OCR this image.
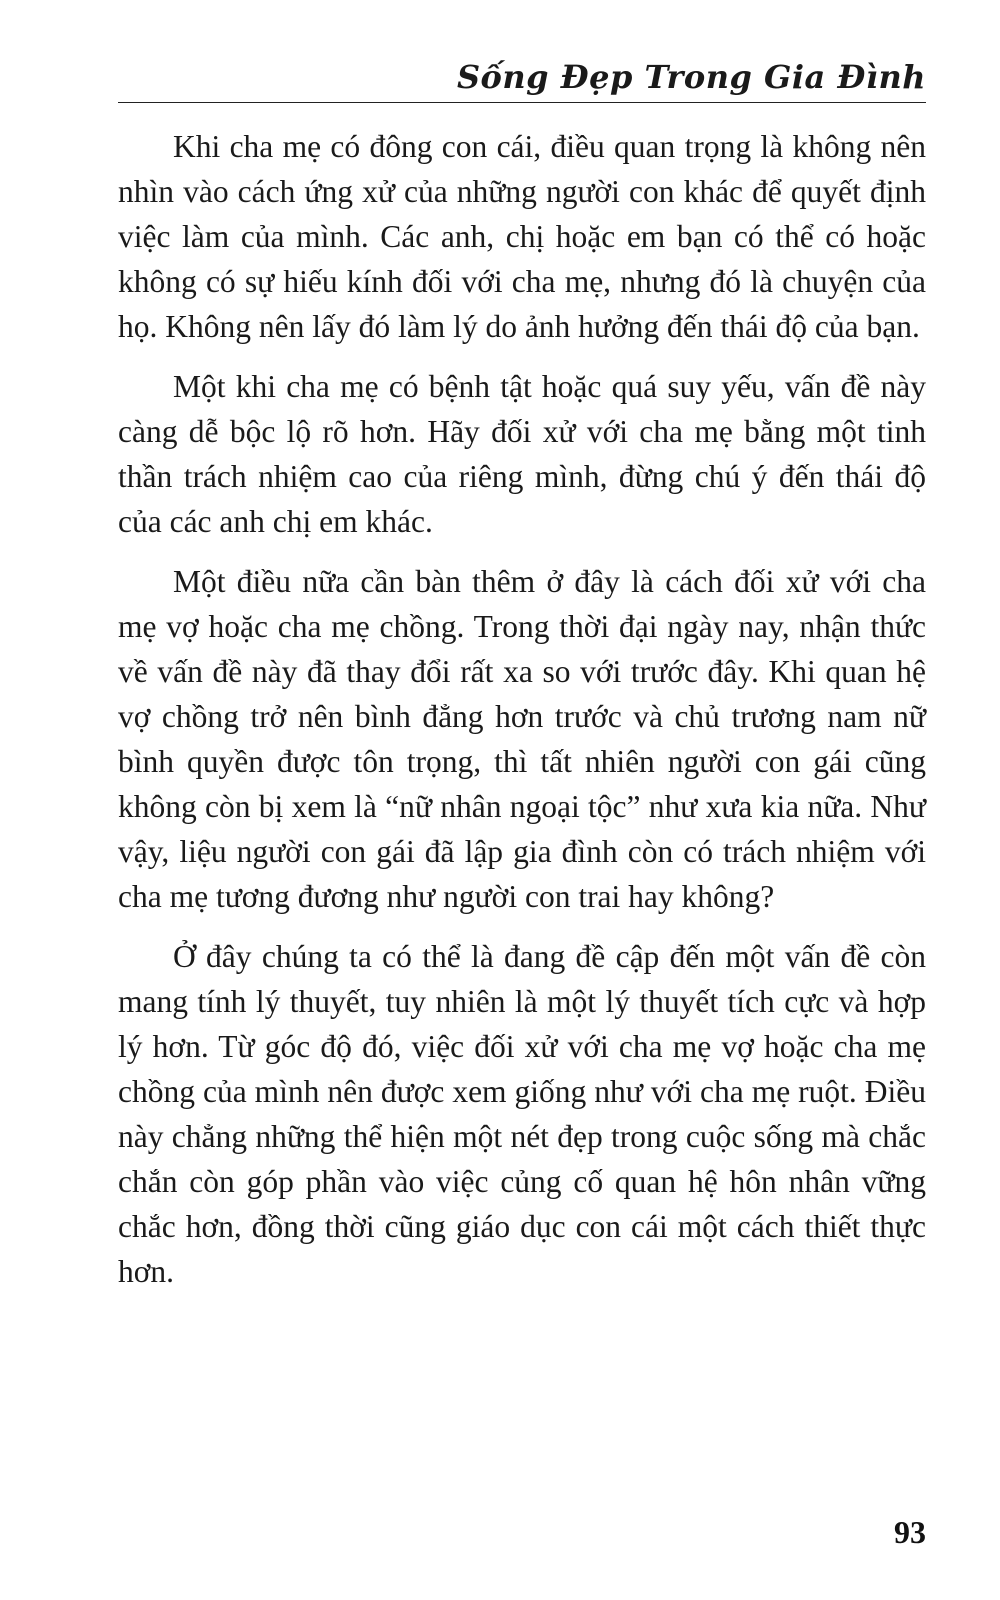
Sống Đẹp Trong Gia Đình

Khi cha mẹ có đông con cái, điều quan trọng là không nên nhìn vào cách ứng xử của những người con khác để quyết định việc làm của mình. Các anh, chị hoặc em bạn có thể có hoặc không có sự hiếu kính đối với cha mẹ, nhưng đó là chuyện của họ. Không nên lấy đó làm lý do ảnh hưởng đến thái độ của bạn.

Một khi cha mẹ có bệnh tật hoặc quá suy yếu, vấn đề này càng dễ bộc lộ rõ hơn. Hãy đối xử với cha mẹ bằng một tinh thần trách nhiệm cao của riêng mình, đừng chú ý đến thái độ của các anh chị em khác.

Một điều nữa cần bàn thêm ở đây là cách đối xử với cha mẹ vợ hoặc cha mẹ chồng. Trong thời đại ngày nay, nhận thức về vấn đề này đã thay đổi rất xa so với trước đây. Khi quan hệ vợ chồng trở nên bình đẳng hơn trước và chủ trương nam nữ bình quyền được tôn trọng, thì tất nhiên người con gái cũng không còn bị xem là “nữ nhân ngoại tộc” như xưa kia nữa. Như vậy, liệu người con gái đã lập gia đình còn có trách nhiệm với cha mẹ tương đương như người con trai hay không?

Ở đây chúng ta có thể là đang đề cập đến một vấn đề còn mang tính lý thuyết, tuy nhiên là một lý thuyết tích cực và hợp lý hơn. Từ góc độ đó, việc đối xử với cha mẹ vợ hoặc cha mẹ chồng của mình nên được xem giống như với cha mẹ ruột. Điều này chẳng những thể hiện một nét đẹp trong cuộc sống mà chắc chắn còn góp phần vào việc củng cố quan hệ hôn nhân vững chắc hơn, đồng thời cũng giáo dục con cái một cách thiết thực hơn.

93
